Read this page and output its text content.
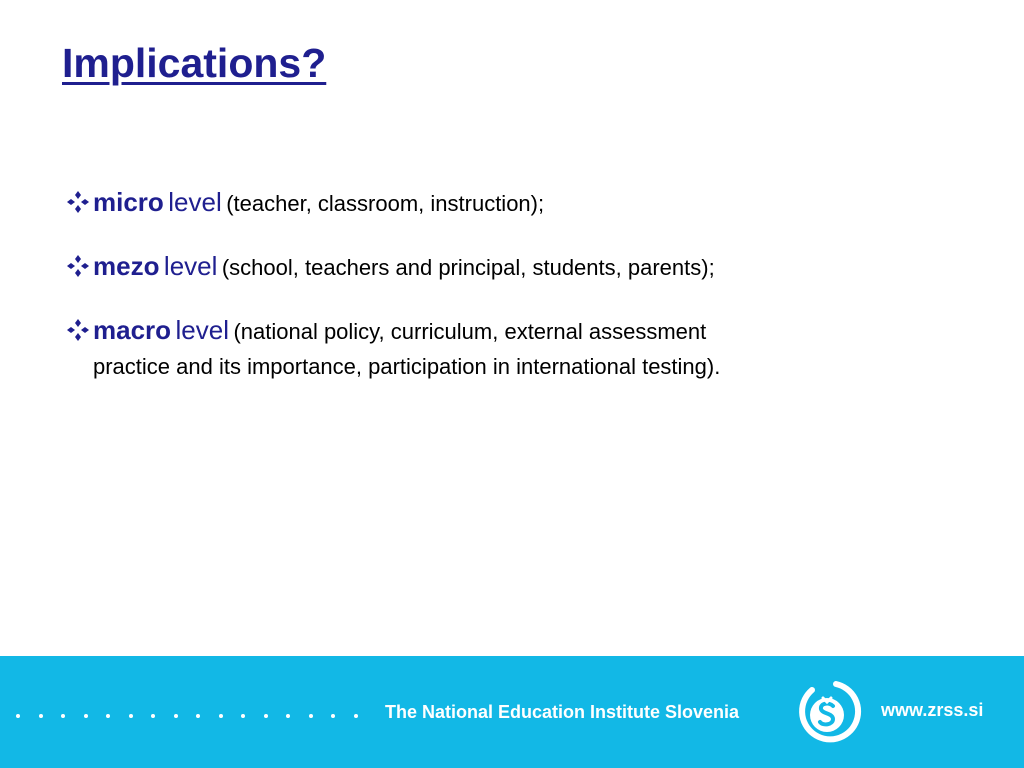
Implications?
micro level (teacher, classroom, instruction);
mezo level (school, teachers and principal, students, parents);
macro level (national policy, curriculum, external assessment
practice and its importance, participation in international testing).
The National Education Institute Slovenia	www.zrss.si
